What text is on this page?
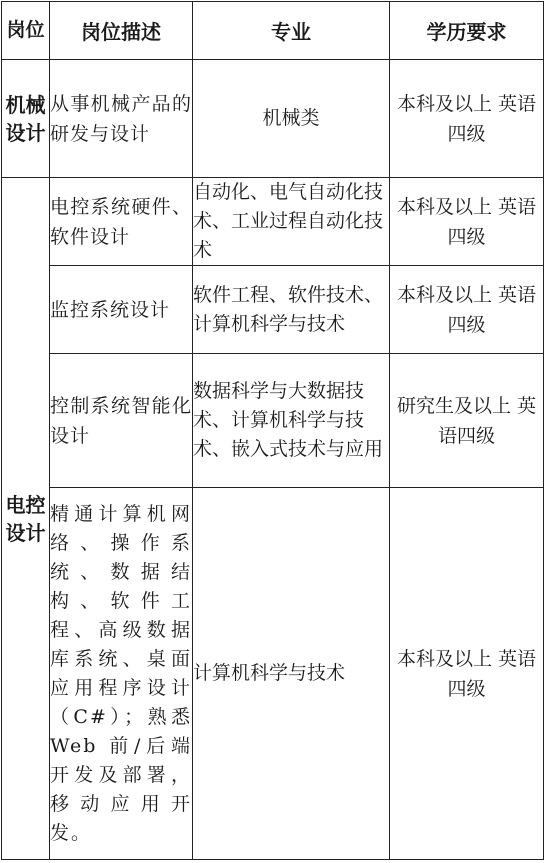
岗位	岗位描述	专业	学历要求
机械设计	从事机械产品的研发与设计	机械类	本科及以上 英语四级
电控设计	电控系统硬件、软件设计	自动化、电气自动化技术、工业过程自动化技术	本科及以上 英语四级
	监控系统设计	软件工程、软件技术、计算机科学与技术	本科及以上 英语四级
	控制系统智能化设计	数据科学与大数据技术、计算机科学与技术、嵌入式技术与应用	研究生及以上 英语四级
	精通计算机网络、操作系统、数据结构、软件工程、高级数据库系统、桌面应用程序设计（C#）；熟悉Web 前/后端开发及部署，移动应用开发。	计算机科学与技术	本科及以上 英语四级
